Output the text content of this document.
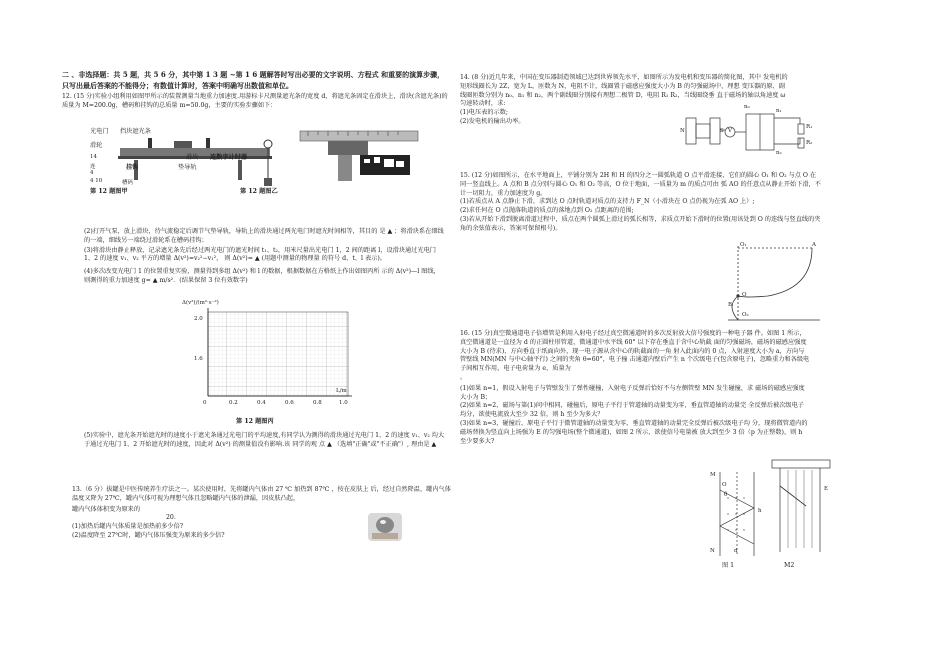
二 、非选择题：共 5 题，共 5 6 分，其中第 1 3 题 ~第 1 6 题解答时写出必要的文字说明、方程式 和重要的演算步骤，只写出最后答案的不能得分；有数值计算时，答案中明确写出数值和单位。

12. (15 分)实验小组利用如图甲所示的装置测量当地重力加速度.用游标卡尺测量遮光条的宽度 d，将遮光条固定在滑块上，滑块(含遮光条)的质量为 M=200.0g，槽码和挂钩的总质量 m=50.0g，主要的实验步骤如下：

光电门 挡块遮光条
滑轮
14
连
4
4 10
挂钩
滑块
垫导轨
连数字计时器
槽码
第 12 题图甲	第 12 题图乙

(2)打开气泵，放上滑块，待气流稳定后调节气垫导轨，导轨上的滑块通过两光电门时遮光时间相等，其目的 是 ▲ ；将滑块系在细线的一端，细线另一端绕过滑轮系在槽码挂钩；

(3)将滑块由静止释放，记录遮光条先后经过两光电门的遮光时间 t₁、t₂，用米尺量出光电门 1，2 间的距离 l，设滑块通过光电门 1、2 的速度 v₁、v₂ 平方的增量 Δ(v²)=v₂²−v₁²， 则 Δ(v²)= ▲ (用题中测量的物理量 的符号 d、t、l 表示)。

(4)多次改变光电门 1 的位置重复实验，测量得到多组 Δ(v²) 和 l 的数据，根据数据在方格纸上作出如图丙所 示的 Δ(v²)—l 图线，则测得的重力加速度 g= ▲ m/s²．(结果保留 3 位有效数字)

2.0
1.6
Δ(v²)/(m²·s⁻²)
L/m
0	0.2	0.4	0.6	0.8	1.0
第 12 题图丙

(5)实验中，遮光条开始遮光时的速度小于遮光条通过光电门的平均速度,有同学认为测得的滑块通过光电门 1、2 的速度 v₁、v₂ 均大于通过光电门 1、2 开始遮光时的速度，因此对 Δ(v²) 的测量值没有影响.该 同学的观 点 ▲ （选填"正确"或"不正确"）, 理由是 ▲

13.（6 分）拔罐是中医传统养生疗法之一。某次使用时，先将罐内气体由 27 ℃ 加热到 87℃ ，按在皮肤上 后，经过自然降温，罐内气体温度又降为 27℃，罐内气体可视为理想气体且忽略罐内气体的泄漏，因皮肤凸起，

罐内气体体积变为原来的

20.

(1)加热后罐内气体质量是加热前多少倍?

(2)温度降至 27℃时，罐内气体压强变为原来的多少倍?

14. (8 分)近几年来，中国在变压器制造领域已达到世界领先水平，如图所示为发电机和变压器的简化图，其中 发电机的矩形线圈长为 2Z，宽为 L，匝数为 N，电阻不计，线圈置于磁感应强度大小为 B 的匀强磁场中，理想 变压器的原、副线圈匝数分别为 n₀、n₁ 和 n₂，两个副线圈分别接有理想二极管 D，电阻 R₁ R₂，当线圈绕垂 直于磁场的轴以角速度 ω 匀速转动时，求:

(1)电压表的示数;

(2)发电机的输出功率。

N	S V
R₁
R₂
n₀
n₁
n₂

15. (12 分)如图所示，在水平地面上，平铺分别为 2H 和 H 的四分之一圆弧轨道 O 点平滑连接，它们的圆心 O₁ 和 O₂ 与点 O 在同一竖直线上。A 点和 B 点分别与圆心 O₁ 和 O₂ 等高，O 位于地面，一质量为 m 的质点可由 弧 AO 的任意点从静止开始下滑，不计一切阻力，重力加速度为 g。

(1)若质点从 A 点静止下滑，求到达 O 点时轨道对质点的支持力 F_N（小滑块在 O 点仍视为在弧 AO 上）;

(2)求任何在 O 点抛落轨道的质点的落地点到 O₂ 点距离的范围;

(3)若从开始下滑到脱离滑道过程中，质点在两个圆弧上滑过的弧长相等，求质点开始下滑时的位置(用该处到 O 的连线与竖直线的夹角的余弦值表示，答案可保留根号)。

A
O₁
O
B
O₂

16. (15 分)真空微通道电子倍增管是利用入射电子经过真空微通道时的多次反射放大信号强度的一种电子器 件。如图 1 所示，真空微通道是一直径为 d 的正圆柱形管道，微通道中水平线 60° 以下存在垂直于含中心轨截 面的匀强磁场，磁场的磁感应强度大小为 B (待求)，方向垂直于纸面向外，现一电子源从含中心的轨截面的一角 射入此面内的 0 点，入射速度大小为 a，方向与管壁线 MN(MN 与中心轴平行) 之间的夹角 θ=60°，电子撞 击通道内壁后产生 n 个次级电子(包含原电子)，忽略重力和各级电子间相互作用，电子电荷量为 e，质量为

。

(1)如果 n=1，假设入射电子与管壁发生了弹性碰撞，入射电子反弹后恰好不与左侧管壁 MN 发生碰撞，求 磁场的磁感应强度大小为 B；

(2)如果 n=2，磁场与第(1)问中相同，碰撞后，原电子平行于管道轴的动量变为零，垂直管道轴的动量完 全反弹后被次级电子均分，欲使电流放大至少 32 倍，则 h 至少为多大？

(3)如果 n=3，碰撞后，原电子平行于微管道轴的动量变为零，垂直管道轴的动量完全反弹后被次级电子均 分，现将微管道内的磁场替换为竖直向上场强为 E 的匀强电场(整个微通道)，如图 2 所示，欲使信号电量被 放大到至少 3 倍（p 为正整数)，则 h 至少要多大?

M
O
N
h
d
θ
E
图 1	M2
